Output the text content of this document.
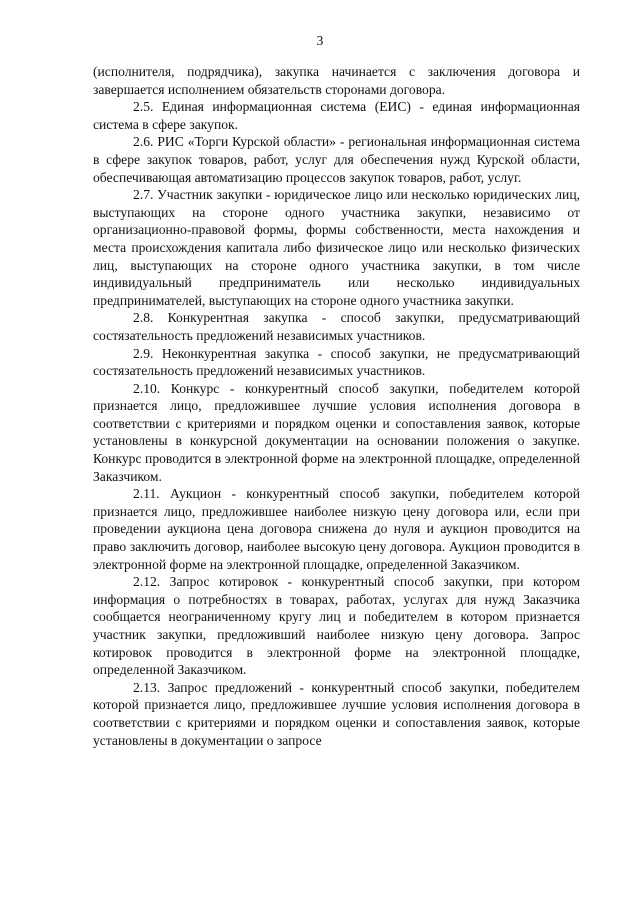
3

(исполнителя, подрядчика), закупка начинается с заключения договора и завершается исполнением обязательств сторонами договора.

2.5. Единая информационная система (ЕИС) - единая информационная система в сфере закупок.

2.6. РИС «Торги Курской области» - региональная информационная система в сфере закупок товаров, работ, услуг для обеспечения нужд Курской области, обеспечивающая автоматизацию процессов закупок товаров, работ, услуг.

2.7. Участник закупки - юридическое лицо или несколько юридических лиц, выступающих на стороне одного участника закупки, независимо от организационно-правовой формы, формы собственности, места нахождения и места происхождения капитала либо физическое лицо или несколько физических лиц, выступающих на стороне одного участника закупки, в том числе индивидуальный предприниматель или несколько индивидуальных предпринимателей, выступающих на стороне одного участника закупки.

2.8. Конкурентная закупка - способ закупки, предусматривающий состязательность предложений независимых участников.

2.9. Неконкурентная закупка - способ закупки, не предусматривающий состязательность предложений независимых участников.

2.10. Конкурс - конкурентный способ закупки, победителем которой признается лицо, предложившее лучшие условия исполнения договора в соответствии с критериями и порядком оценки и сопоставления заявок, которые установлены в конкурсной документации на основании положения о закупке. Конкурс проводится в электронной форме на электронной площадке, определенной Заказчиком.

2.11. Аукцион - конкурентный способ закупки, победителем которой признается лицо, предложившее наиболее низкую цену договора или, если при проведении аукциона цена договора снижена до нуля и аукцион проводится на право заключить договор, наиболее высокую цену договора. Аукцион проводится в электронной форме на электронной площадке, определенной Заказчиком.

2.12. Запрос котировок - конкурентный способ закупки, при котором информация о потребностях в товарах, работах, услугах для нужд Заказчика сообщается неограниченному кругу лиц и победителем в котором признается участник закупки, предложивший наиболее низкую цену договора. Запрос котировок проводится в электронной форме на электронной площадке, определенной Заказчиком.

2.13. Запрос предложений - конкурентный способ закупки, победителем которой признается лицо, предложившее лучшие условия исполнения договора в соответствии с критериями и порядком оценки и сопоставления заявок, которые установлены в документации о запросе
